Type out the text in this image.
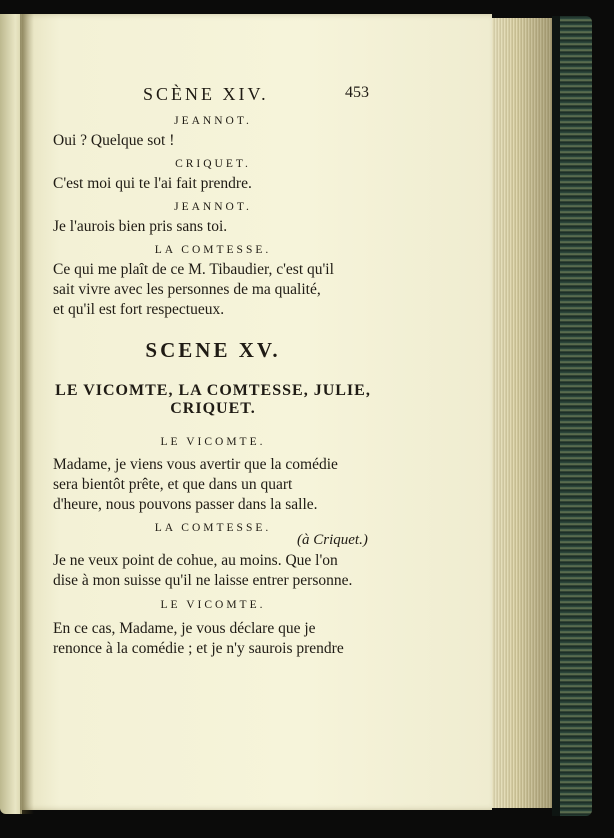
SCÈNE XIV.	453
JEANNOT.
Oui ? Quelque sot !
CRIQUET.
C'est moi qui te l'ai fait prendre.
JEANNOT.
Je l'aurois bien pris sans toi.
LA COMTESSE.
Ce qui me plaît de ce M. Tibaudier, c'est qu'il
sait vivre avec les personnes de ma qualité,
et qu'il est fort respectueux.
SCENE XV.
LE VICOMTE, LA COMTESSE, JULIE,
CRIQUET.
LE VICOMTE.
Madame, je viens vous avertir que la comédie
sera bientôt prête, et que dans un quart
d'heure, nous pouvons passer dans la salle.
LA COMTESSE.
(à Criquet.)
Je ne veux point de cohue, au moins. Que l'on
dise à mon suisse qu'il ne laisse entrer personne.
LE VICOMTE.
En ce cas, Madame, je vous déclare que je
renonce à la comédie ; et je n'y saurois prendre
